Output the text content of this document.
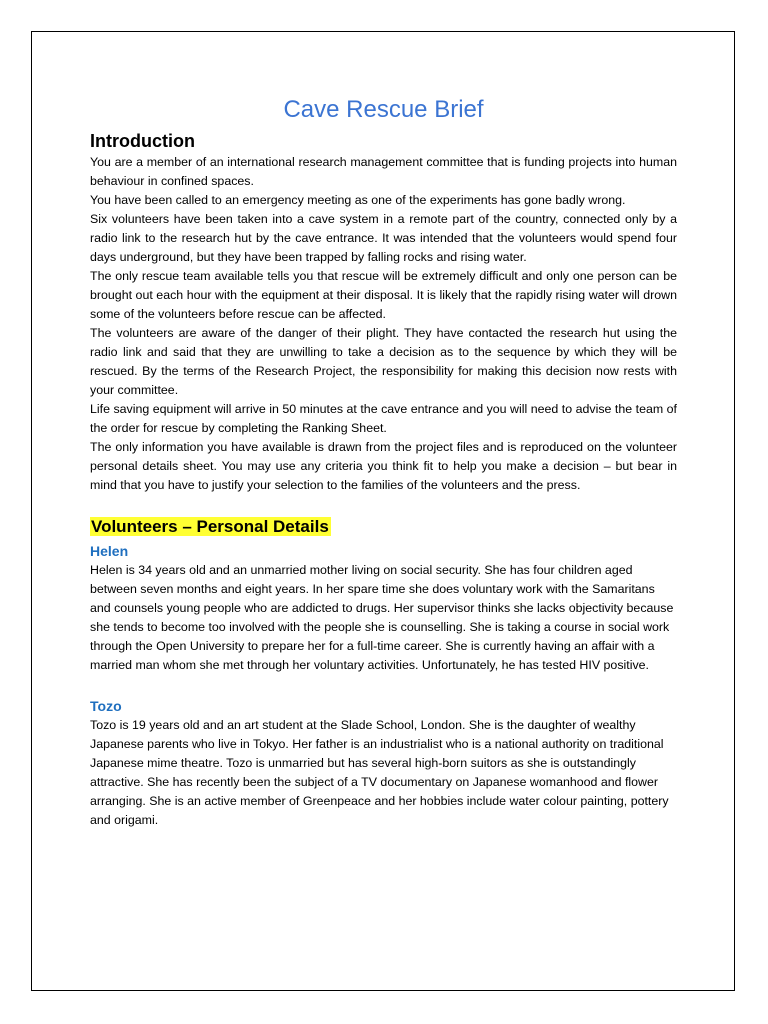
Cave Rescue Brief
Introduction

You are a member of an international research management committee that is funding projects into human behaviour in confined spaces.

You have been called to an emergency meeting as one of the experiments has gone badly wrong.

Six volunteers have been taken into a cave system in a remote part of the country, connected only by a radio link to the research hut by the cave entrance. It was intended that the volunteers would spend four days underground, but they have been trapped by falling rocks and rising water.

The only rescue team available tells you that rescue will be extremely difficult and only one person can be brought out each hour with the equipment at their disposal. It is likely that the rapidly rising water will drown some of the volunteers before rescue can be affected.

The volunteers are aware of the danger of their plight. They have contacted the research hut using the radio link and said that they are unwilling to take a decision as to the sequence by which they will be rescued. By the terms of the Research Project, the responsibility for making this decision now rests with your committee.

Life saving equipment will arrive in 50 minutes at the cave entrance and you will need to advise the team of the order for rescue by completing the Ranking Sheet.

The only information you have available is drawn from the project files and is reproduced on the volunteer personal details sheet. You may use any criteria you think fit to help you make a decision – but bear in mind that you have to justify your selection to the families of the volunteers and the press.

Volunteers – Personal Details
Helen

Helen is 34 years old and an unmarried mother living on social security. She has four children aged between seven months and eight years. In her spare time she does voluntary work with the Samaritans and counsels young people who are addicted to drugs. Her supervisor thinks she lacks objectivity because she tends to become too involved with the people she is counselling. She is taking a course in social work through the Open University to prepare her for a full-time career. She is currently having an affair with a married man whom she met through her voluntary activities. Unfortunately, he has tested HIV positive.

Tozo

Tozo is 19 years old and an art student at the Slade School, London. She is the daughter of wealthy Japanese parents who live in Tokyo. Her father is an industrialist who is a national authority on traditional Japanese mime theatre. Tozo is unmarried but has several high-born suitors as she is outstandingly attractive. She has recently been the subject of a TV documentary on Japanese womanhood and flower arranging. She is an active member of Greenpeace and her hobbies include water colour painting, pottery and origami.
